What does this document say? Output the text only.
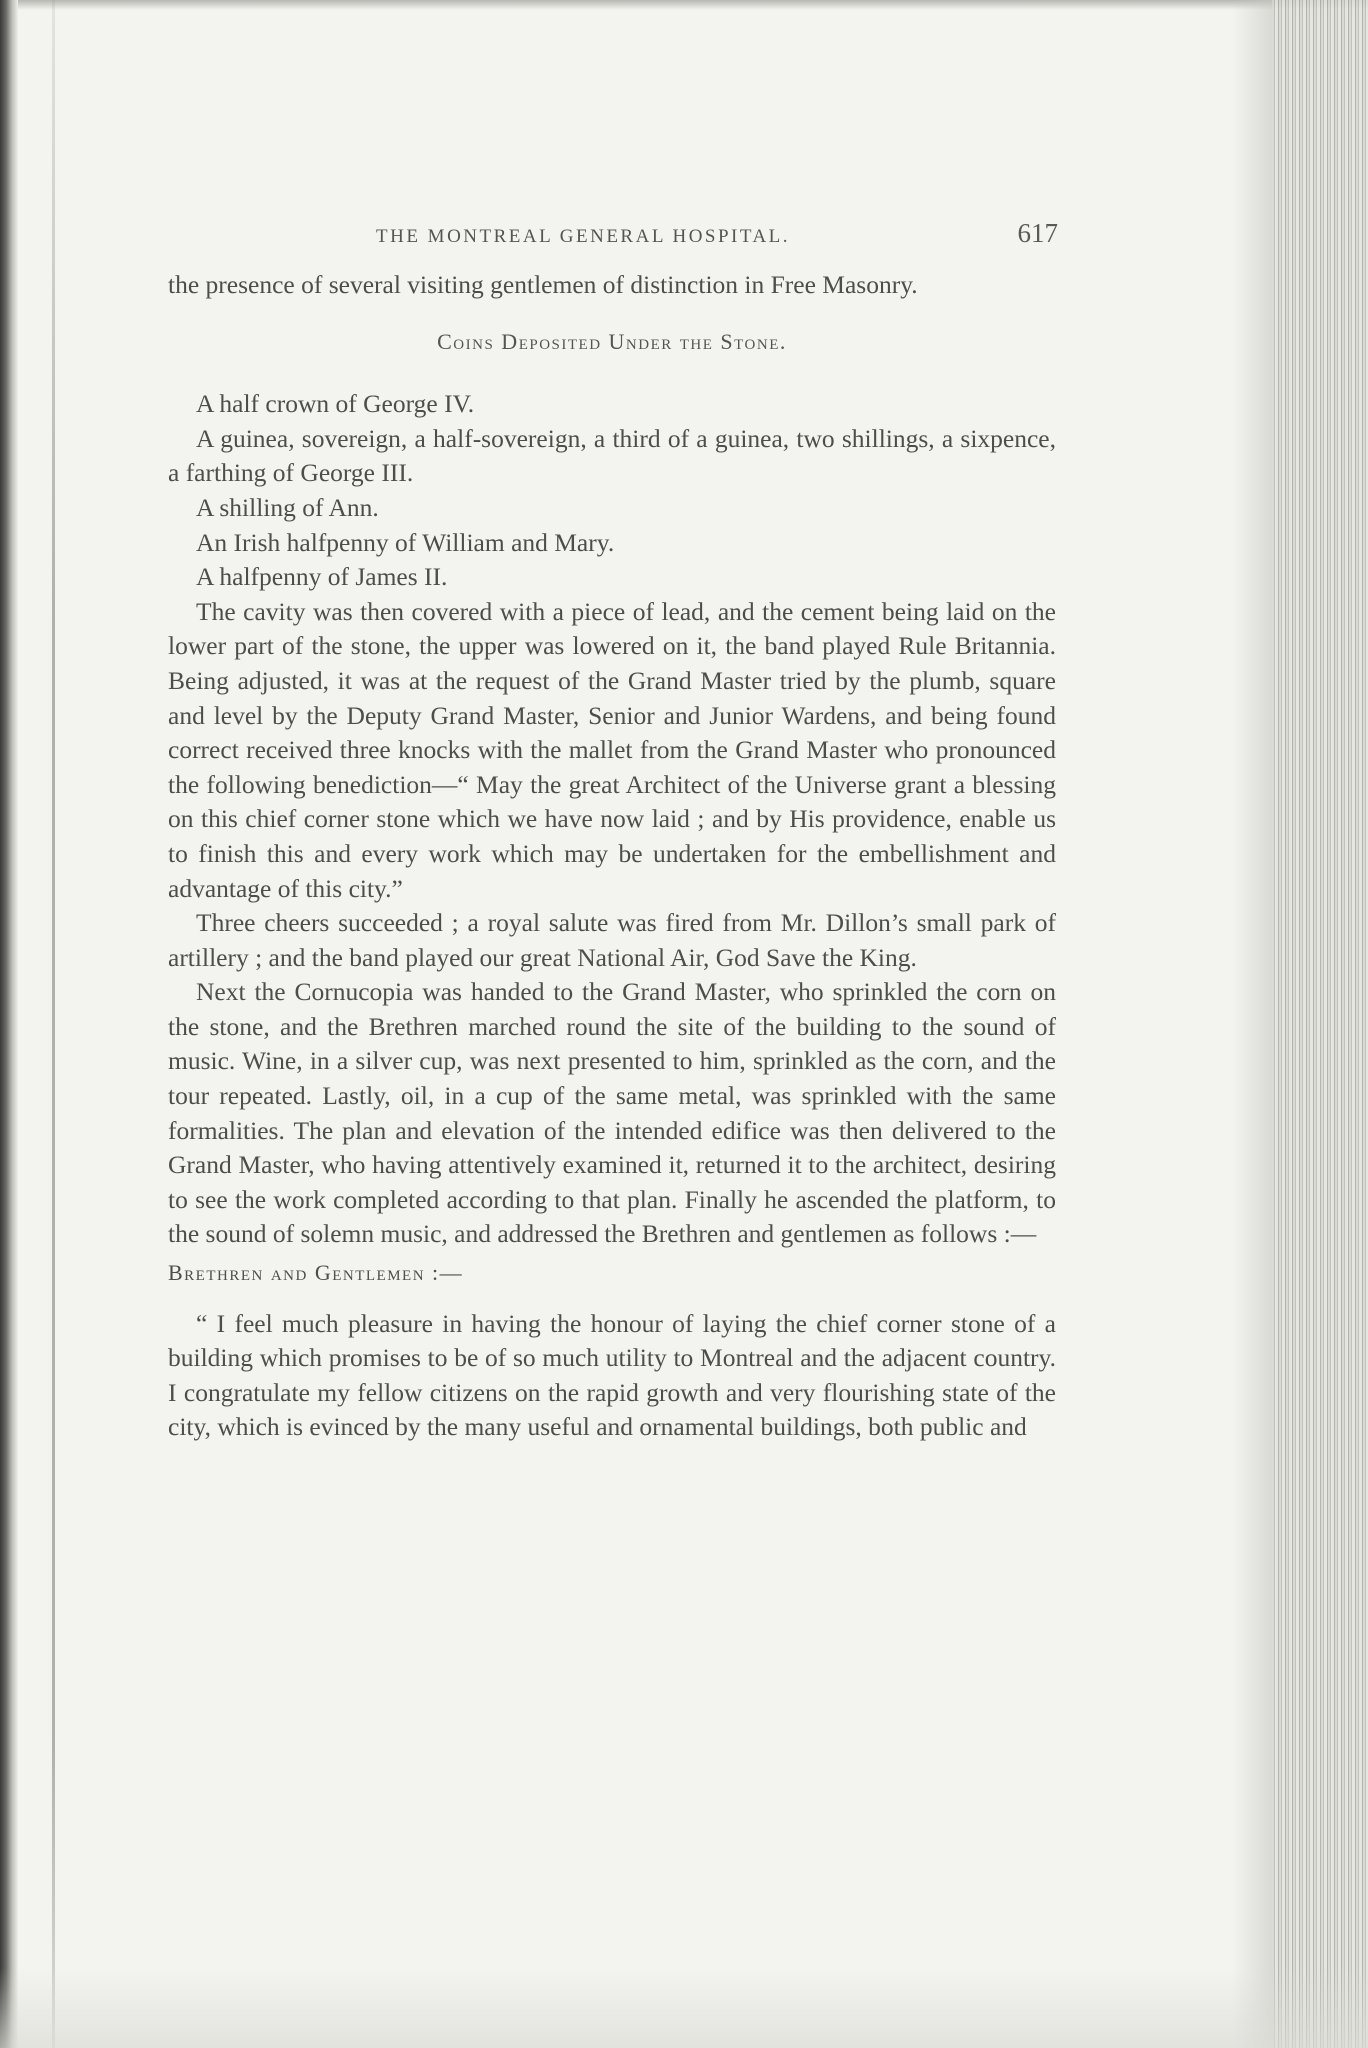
THE MONTREAL GENERAL HOSPITAL.	617

the presence of several visiting gentlemen of distinction in Free Masonry.

Coins Deposited Under the Stone.

A half crown of George IV.

A guinea, sovereign, a half-sovereign, a third of a guinea, two shillings, a sixpence, a farthing of George III.

A shilling of Ann.

An Irish halfpenny of William and Mary.

A halfpenny of James II.

The cavity was then covered with a piece of lead, and the cement being laid on the lower part of the stone, the upper was lowered on it, the band played Rule Britannia. Being adjusted, it was at the request of the Grand Master tried by the plumb, square and level by the Deputy Grand Master, Senior and Junior Wardens, and being found correct received three knocks with the mallet from the Grand Master who pronounced the following benediction—“ May the great Architect of the Universe grant a blessing on this chief corner stone which we have now laid ; and by His providence, enable us to finish this and every work which may be undertaken for the embellishment and advantage of this city.”

Three cheers succeeded ; a royal salute was fired from Mr. Dillon’s small park of artillery ; and the band played our great National Air, God Save the King.

Next the Cornucopia was handed to the Grand Master, who sprinkled the corn on the stone, and the Brethren marched round the site of the building to the sound of music. Wine, in a silver cup, was next presented to him, sprinkled as the corn, and the tour repeated. Lastly, oil, in a cup of the same metal, was sprinkled with the same formalities. The plan and elevation of the intended edifice was then delivered to the Grand Master, who having attentively examined it, returned it to the architect, desiring to see the work completed according to that plan. Finally he ascended the platform, to the sound of solemn music, and addressed the Brethren and gentlemen as follows :—

Brethren and Gentlemen :—

“ I feel much pleasure in having the honour of laying the chief corner stone of a building which promises to be of so much utility to Montreal and the adjacent country. I congratulate my fellow citizens on the rapid growth and very flourishing state of the city, which is evinced by the many useful and ornamental buildings, both public and
